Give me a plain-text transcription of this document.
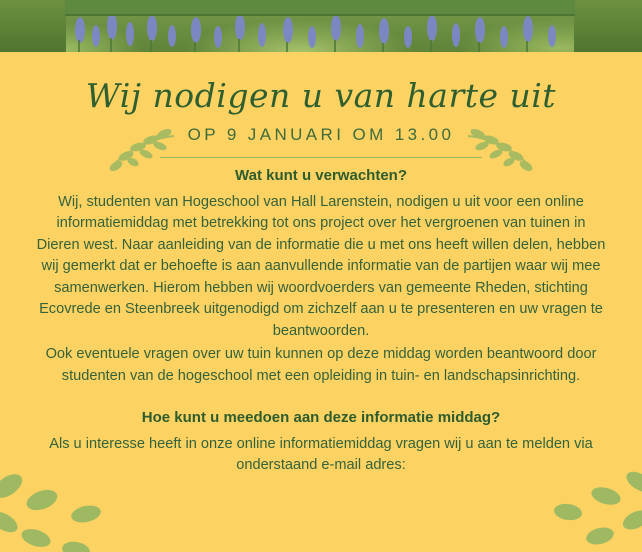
Wij nodigen u van harte uit
OP 9 JANUARI OM 13.00
Wat kunt u verwachten?

Wij, studenten van Hogeschool van Hall Larenstein, nodigen u uit voor een online informatiemiddag met betrekking tot ons project over het vergroenen van tuinen in Dieren west. Naar aanleiding van de informatie die u met ons heeft willen delen, hebben wij gemerkt dat er behoefte is aan aanvullende informatie van de partijen waar wij mee samenwerken. Hierom hebben wij woordvoerders van gemeente Rheden, stichting Ecovrede en Steenbreek uitgenodigd om zichzelf aan u te presenteren en uw vragen te beantwoorden.

Ook eventuele vragen over uw tuin kunnen op deze middag worden beantwoord door studenten van de hogeschool met een opleiding in tuin- en landschapsinrichting.

Hoe kunt u meedoen aan deze informatie middag?

Als u interesse heeft in onze online informatiemiddag vragen wij u aan te melden via onderstaand e-mail adres:
